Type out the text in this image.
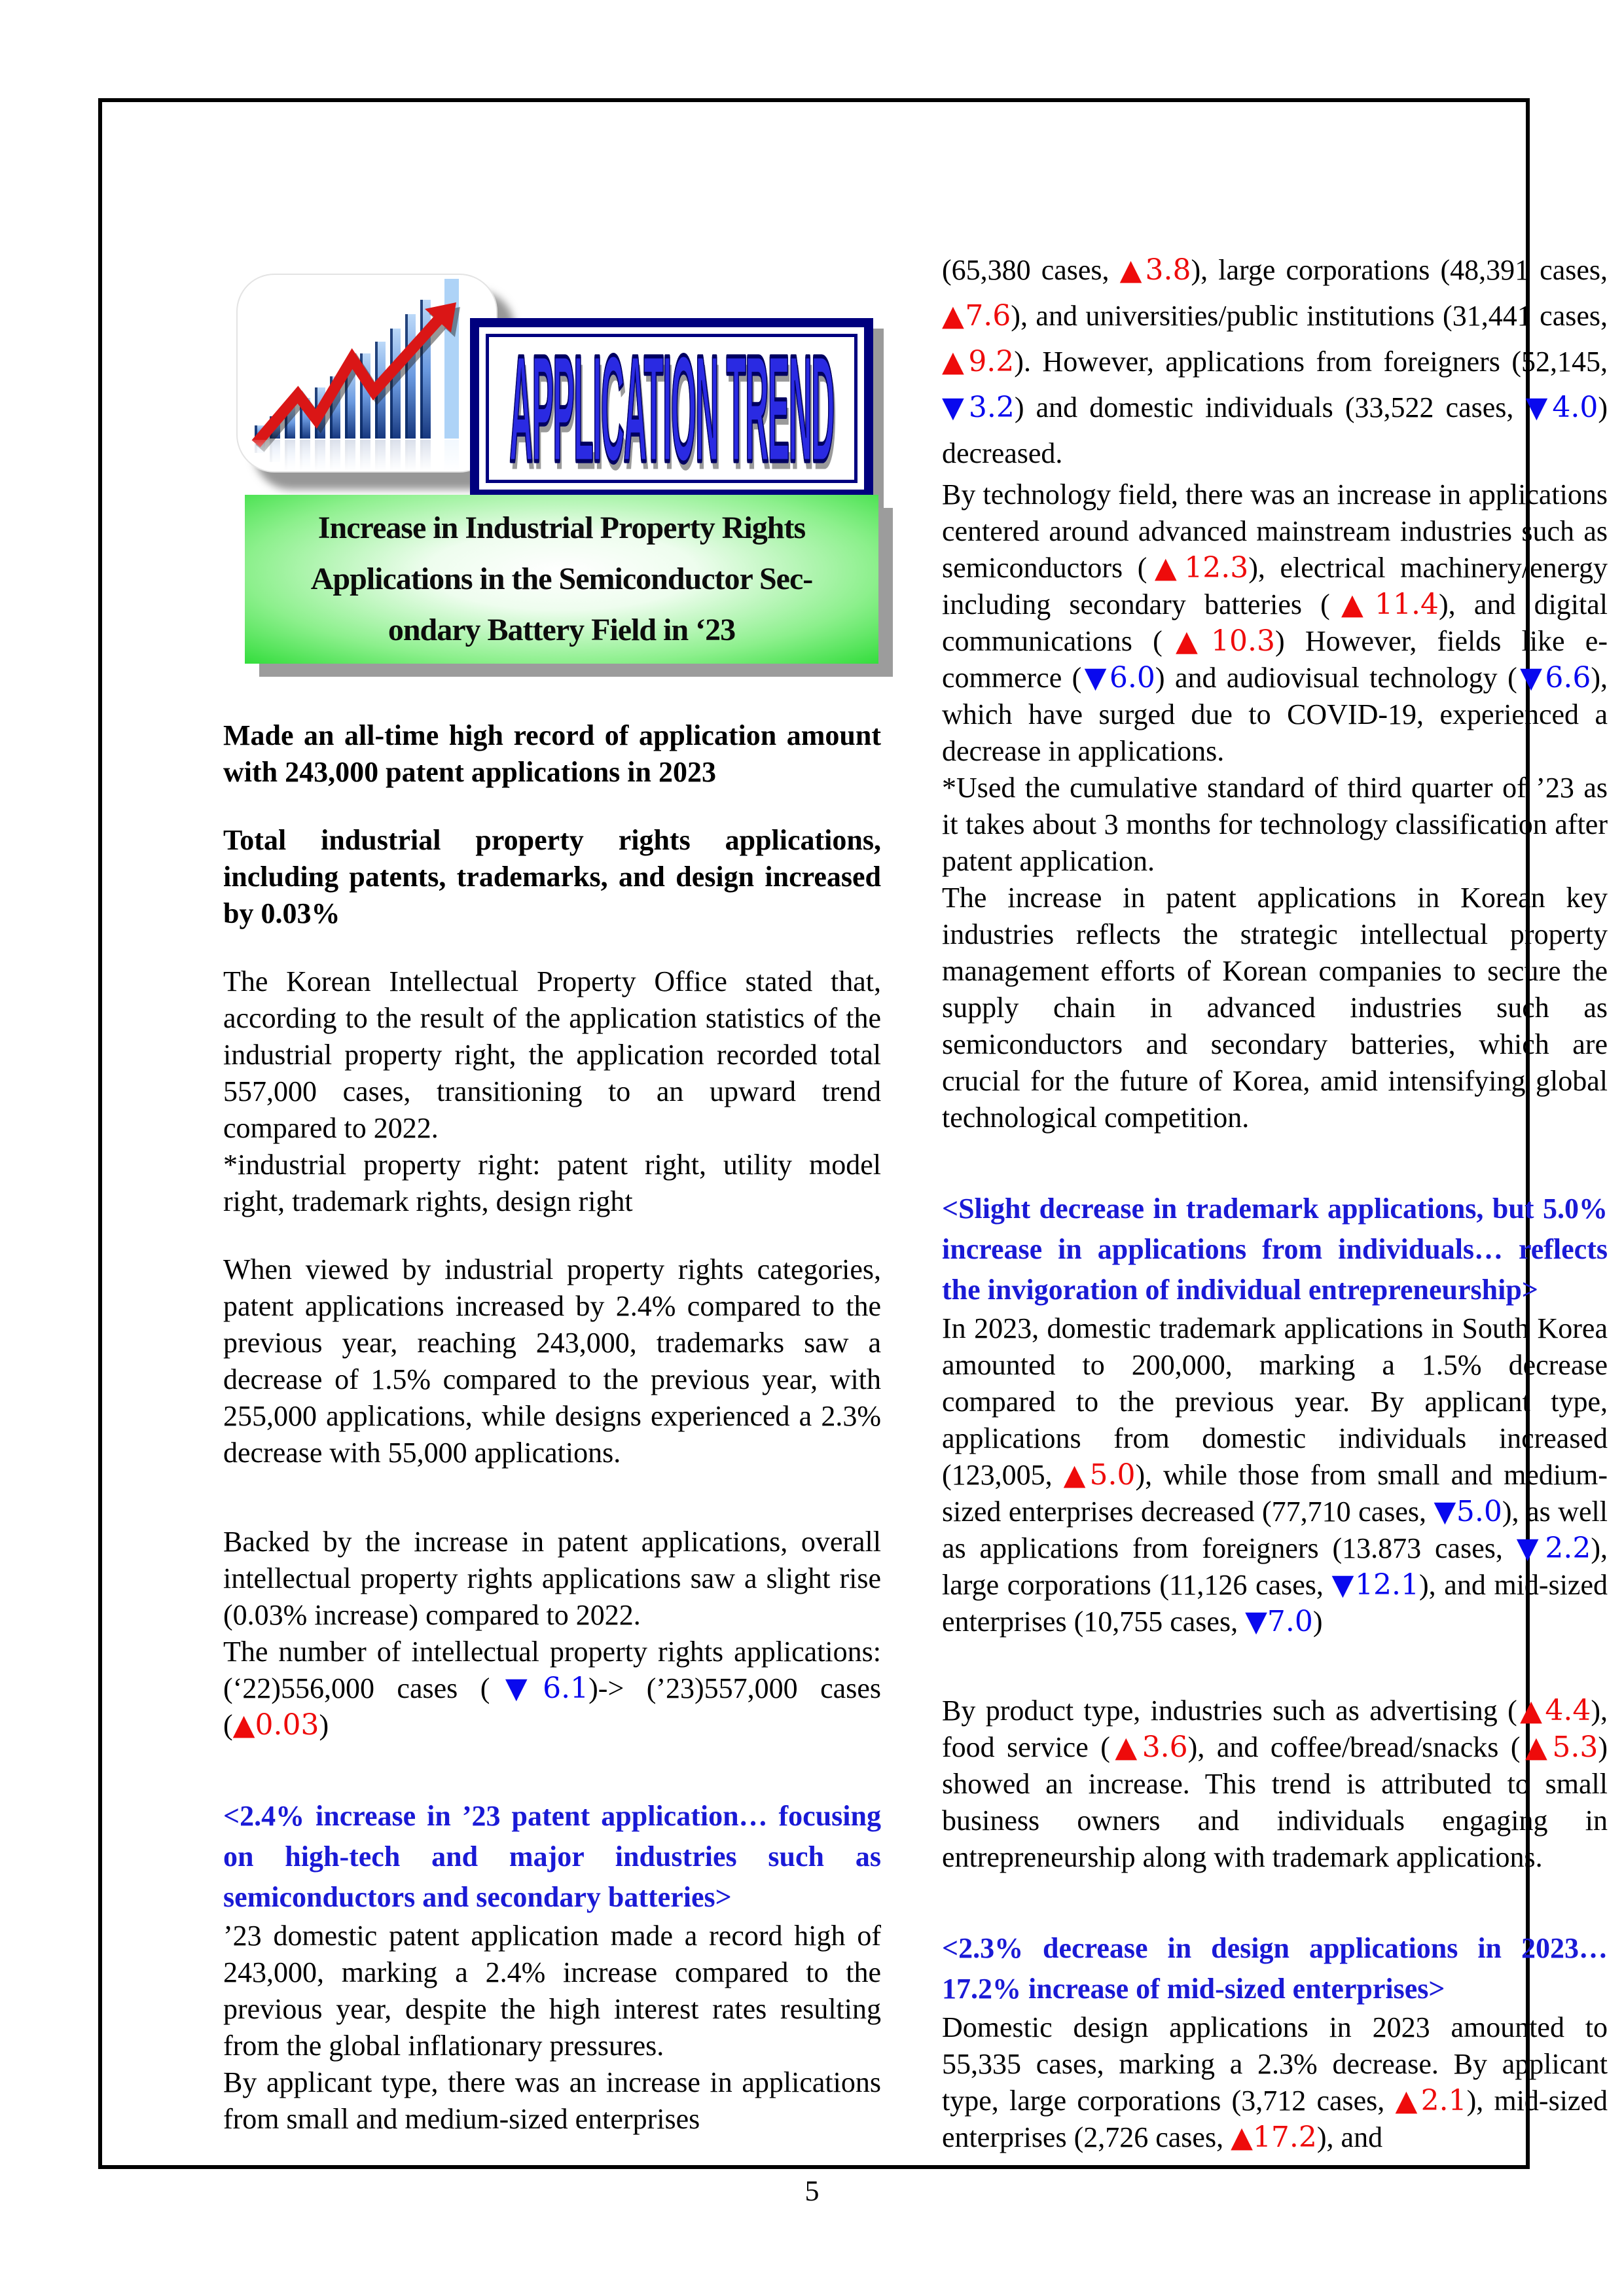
APPLICATION TREND
Increase in Industrial Property Rights
Applications in the Semiconductor Sec-
ondary Battery Field in ‘23

Made an all-time high record of application amount with 243,000 patent applications in 2023

Total industrial property rights applications, including patents, trademarks, and design increased by 0.03%

The Korean Intellectual Property Office stated that, according to the result of the application statistics of the industrial property right, the application recorded total 557,000 cases, transitioning to an upward trend compared to 2022.

*industrial property right: patent right, utility model right, trademark rights, design right

When viewed by industrial property rights categories, patent applications increased by 2.4% compared to the previous year, reaching 243,000, trademarks saw a decrease of 1.5% compared to the previous year, with 255,000 applications, while designs experienced a 2.3% decrease with 55,000 applications.

Backed by the increase in patent applications, overall intellectual property rights applications saw a slight rise (0.03% increase) compared to 2022.

The number of intellectual property rights applications: (‘22)556,000 cases (▼6.1)-> (’23)557,000 cases (▲0.03)

<2.4% increase in ’23 patent application… focusing on high-tech and major industries such as semiconductors and secondary batteries>

’23 domestic patent application made a record high of 243,000, marking a 2.4% increase compared to the previous year, despite the high interest rates resulting from the global inflationary pressures.

By applicant type, there was an increase in applications from small and medium-sized enterprises

(65,380 cases, ▲3.8), large corporations (48,391 cases, ▲7.6), and universities/public institutions (31,441 cases, ▲9.2). However, applications from foreigners (52,145, ▼3.2) and domestic individuals (33,522 cases, ▼4.0) decreased.

By technology field, there was an increase in applications centered around advanced mainstream industries such as semiconductors (▲12.3), electrical machinery/energy including secondary batteries (▲11.4), and digital communications (▲10.3) However, fields like e-commerce (▼6.0) and audiovisual technology (▼6.6), which have surged due to COVID-19, experienced a decrease in applications.

*Used the cumulative standard of third quarter of ’23 as it takes about 3 months for technology classification after patent application.

The increase in patent applications in Korean key industries reflects the strategic intellectual property management efforts of Korean companies to secure the supply chain in advanced industries such as semiconductors and secondary batteries, which are crucial for the future of Korea, amid intensifying global technological competition.

<Slight decrease in trademark applications, but 5.0% increase in applications from individuals… reflects the invigoration of individual entrepreneurship>

In 2023, domestic trademark applications in South Korea amounted to 200,000, marking a 1.5% decrease compared to the previous year. By applicant type, applications from domestic individuals increased (123,005, ▲5.0), while those from small and medium-sized enterprises decreased (77,710 cases, ▼5.0), as well as applications from foreigners (13.873 cases, ▼2.2), large corporations (11,126 cases, ▼12.1), and mid-sized enterprises (10,755 cases, ▼7.0)

By product type, industries such as advertising (▲4.4), food service (▲3.6), and coffee/bread/snacks (▲5.3) showed an increase. This trend is attributed to small business owners and individuals engaging in entrepreneurship along with trademark applications.

<2.3% decrease in design applications in 2023… 17.2% increase of mid-sized enterprises>

Domestic design applications in 2023 amounted to 55,335 cases, marking a 2.3% decrease. By applicant type, large corporations (3,712 cases, ▲2.1), mid-sized enterprises (2,726 cases, ▲17.2), and

5
